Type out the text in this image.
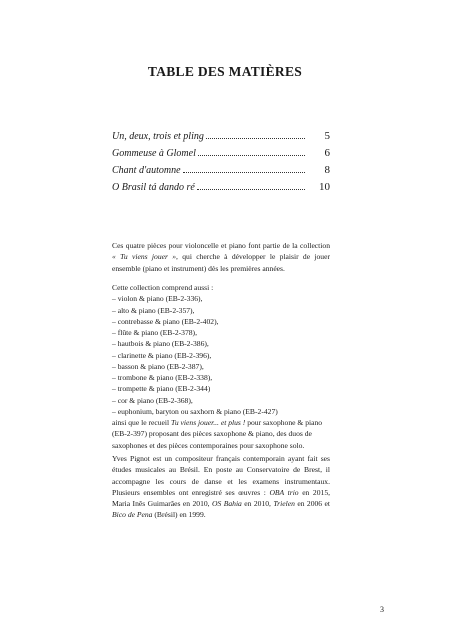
TABLE DES MATIÈRES
Un, deux, trois et pling	5
Gommeuse à Glomel	6
Chant d'automne	8
O Brasil tá dando ré	10
Ces quatre pièces pour violoncelle et piano font partie de la collection « Tu viens jouer », qui cherche à développer le plaisir de jouer ensemble (piano et instrument) dès les premières années.
Cette collection comprend aussi :
– violon & piano (EB-2-336),
– alto & piano (EB-2-357),
– contrebasse & piano (EB-2-402),
– flûte & piano (EB-2-378),
– hautbois & piano (EB-2-386),
– clarinette & piano (EB-2-396),
– basson & piano (EB-2-387),
– trombone & piano (EB-2-338),
– trompette & piano (EB-2-344)
– cor & piano (EB-2-368),
– euphonium, baryton ou saxhorn & piano (EB-2-427)
ainsi que le recueil Tu viens jouer... et plus ! pour saxophone & piano (EB-2-397) proposant des pièces saxophone & piano, des duos de saxophones et des pièces contemporaines pour saxophone solo.
Yves Pignot est un compositeur français contemporain ayant fait ses études musicales au Brésil. En poste au Conservatoire de Brest, il accompagne les cours de danse et les examens instrumentaux. Plusieurs ensembles ont enregistré ses œuvres : OBA trio en 2015, Maria Inês Guimarães en 2010, OS Bahia en 2010, Trielen en 2006 et Bico de Pena (Brésil) en 1999.
3
